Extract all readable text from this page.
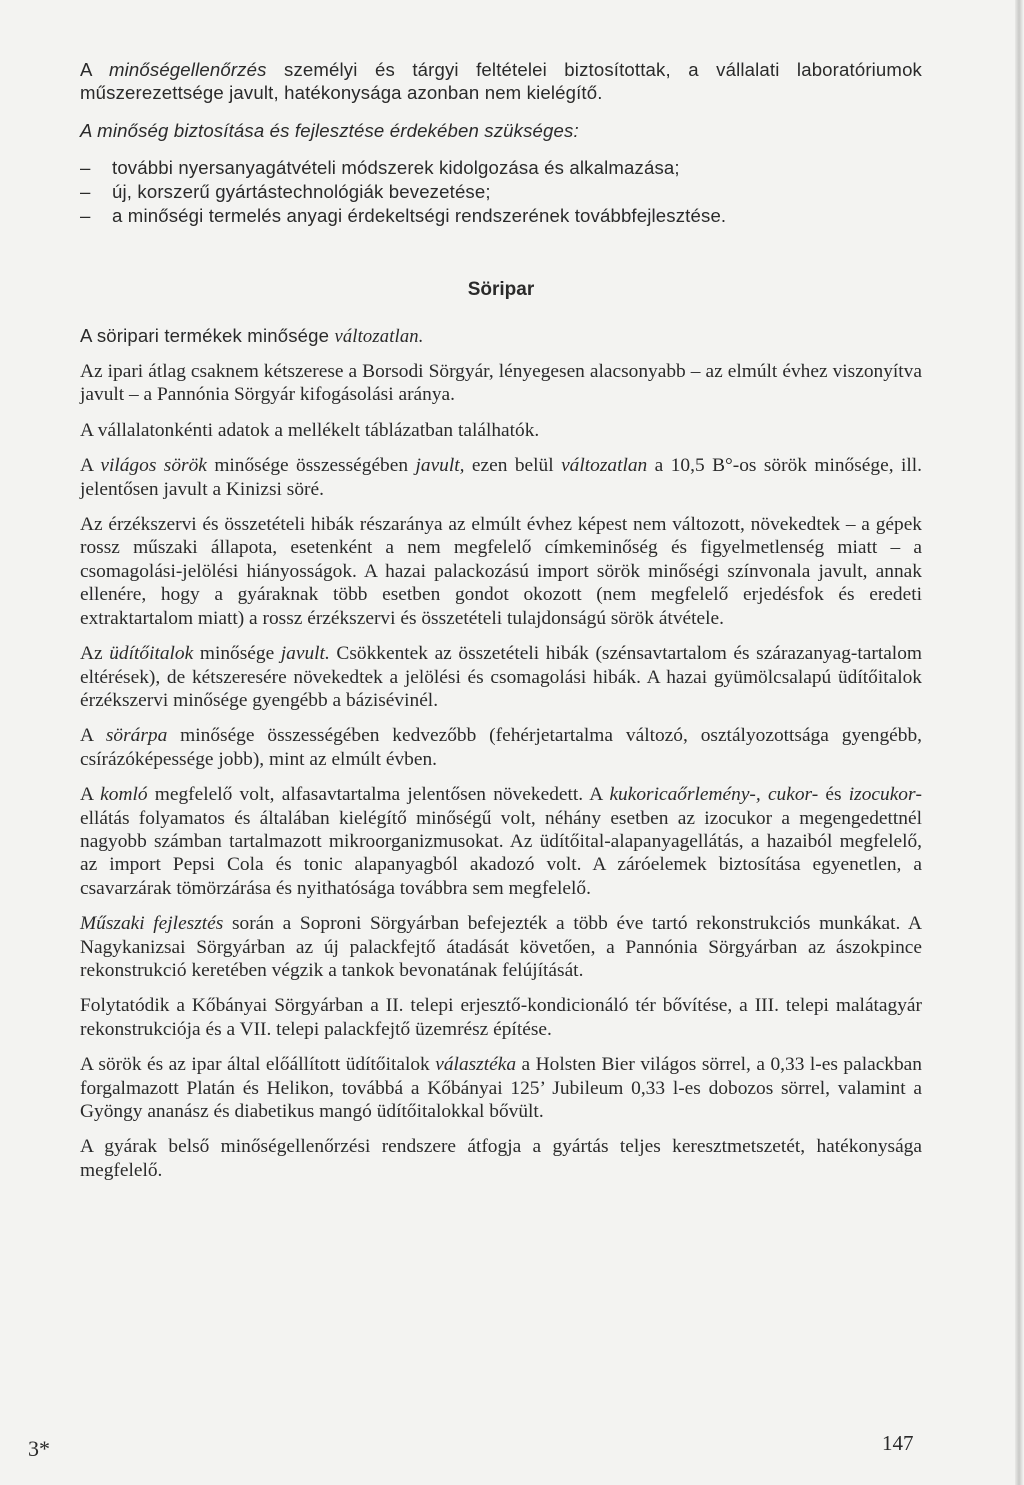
A minőségellenőrzés személyi és tárgyi feltételei biztosítottak, a vállalati laboratóriumok műszerezettsége javult, hatékonysága azonban nem kielégítő.

A minőség biztosítása és fejlesztése érdekében szükséges:

– további nyersanyagátvételi módszerek kidolgozása és alkalmazása;
– új, korszerű gyártástechnológiák bevezetése;
– a minőségi termelés anyagi érdekeltségi rendszerének továbbfejlesztése.
Söripar

A söripari termékek minősége változatlan.

Az ipari átlag csaknem kétszerese a Borsodi Sörgyár, lényegesen alacsonyabb – az elmúlt évhez viszonyítva javult – a Pannónia Sörgyár kifogásolási aránya.

A vállalatonkénti adatok a mellékelt táblázatban találhatók.

A világos sörök minősége összességében javult, ezen belül változatlan a 10,5 B°-os sörök minősége, ill. jelentősen javult a Kinizsi söré.

Az érzékszervi és összetételi hibák részaránya az elmúlt évhez képest nem változott, növekedtek – a gépek rossz műszaki állapota, esetenként a nem megfelelő címkeminőség és figyelmetlenség miatt – a csomagolási-jelölési hiányosságok. A hazai palackozású import sörök minőségi színvonala javult, annak ellenére, hogy a gyáraknak több esetben gondot okozott (nem megfelelő erjedésfok és eredeti extraktartalom miatt) a rossz érzékszervi és összetételi tulajdonságú sörök átvétele.

Az üdítőitalok minősége javult. Csökkentek az összetételi hibák (szénsavtartalom és szárazanyag-tartalom eltérések), de kétszeresére növekedtek a jelölési és csomagolási hibák. A hazai gyümölcsalapú üdítőitalok érzékszervi minősége gyengébb a bázisévinél.

A sörárpa minősége összességében kedvezőbb (fehérjetartalma változó, osztályozottsága gyengébb, csírázóképessége jobb), mint az elmúlt évben.

A komló megfelelő volt, alfasavtartalma jelentősen növekedett. A kukoricaőrlemény-, cukor- és izocukor-ellátás folyamatos és általában kielégítő minőségű volt, néhány esetben az izocukor a megengedettnél nagyobb számban tartalmazott mikroorganizmusokat. Az üdítőital-alapanyagellátás, a hazaiból megfelelő, az import Pepsi Cola és tonic alapanyagból akadozó volt. A záróelemek biztosítása egyenetlen, a csavarzárak tömörzárása és nyithatósága továbbra sem megfelelő.

Műszaki fejlesztés során a Soproni Sörgyárban befejezték a több éve tartó rekonstrukciós munkákat. A Nagykanizsai Sörgyárban az új palackfejtő átadását követően, a Pannónia Sörgyárban az ászokpince rekonstrukció keretében végzik a tankok bevonatának felújítását.

Folytatódik a Kőbányai Sörgyárban a II. telepi erjesztő-kondicionáló tér bővítése, a III. telepi malátagyár rekonstrukciója és a VII. telepi palackfejtő üzemrész építése.

A sörök és az ipar által előállított üdítőitalok választéka a Holsten Bier világos sörrel, a 0,33 l-es palackban forgalmazott Platán és Helikon, továbbá a Kőbányai 125’ Jubileum 0,33 l-es dobozos sörrel, valamint a Gyöngy ananász és diabetikus mangó üdítőitalokkal bővült.

A gyárak belső minőségellenőrzési rendszere átfogja a gyártás teljes keresztmetszetét, hatékonysága megfelelő.

3*	147
